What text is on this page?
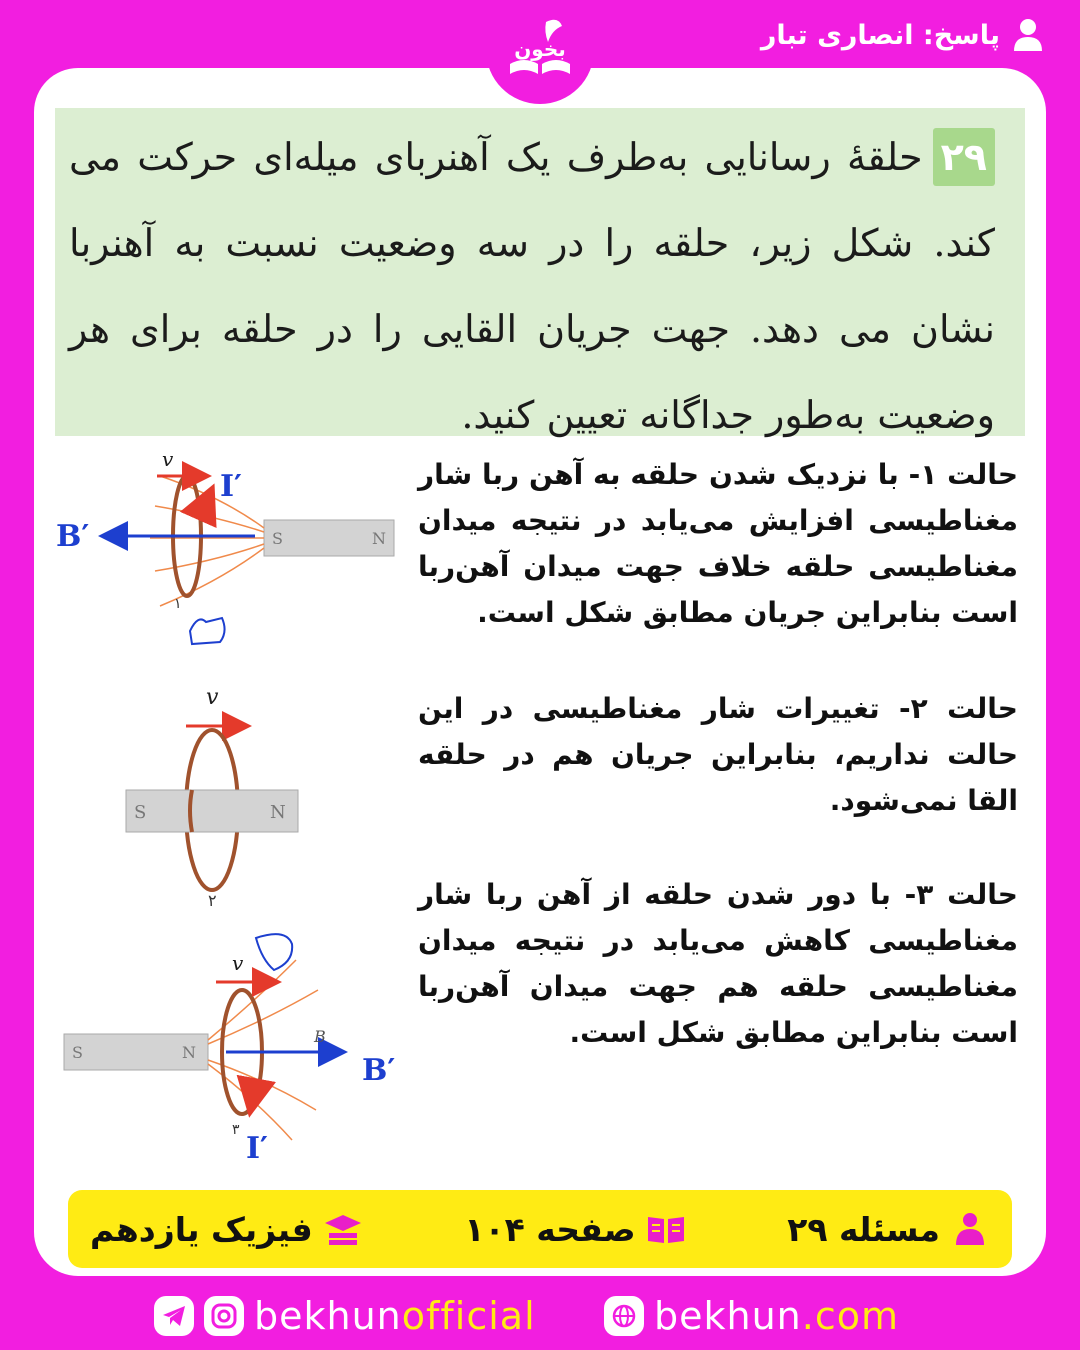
پاسخ: انصاری تبار
بخون
۲۹حلقهٔ رسانایی به‌طرف یک آهنربای میله‌ای حرکت می کند. شکل زیر، حلقه را در سه وضعیت نسبت به آهنربا نشان می دهد. جهت جریان القایی را در حلقه برای هر وضعیت به‌طور جداگانه تعیین کنید.
S	N
v
I′
B′
۱
حالت ۱- با نزدیک شدن حلقه به آهن ربا شار مغناطیسی افزایش می‌یابد در نتیجه میدان مغناطیسی حلقه خلاف جهت میدان آهن‌ربا است بنابراین جریان مطابق شکل است.
v
S	N
۲
حالت ۲- تغییرات شار مغناطیسی در این حالت نداریم، بنابراین جریان هم در حلقه القا نمی‌شود.
S	N
v
B
B′
۳
I′
حالت ۳- با دور شدن حلقه از آهن ربا شار مغناطیسی کاهش می‌یابد در نتیجه میدان مغناطیسی حلقه هم جهت میدان آهن‌ربا است بنابراین مطابق شکل است.
مسئله ۲۹
صفحه ۱۰۴
فیزیک یازدهم
bekhunofficial	bekhun.com
